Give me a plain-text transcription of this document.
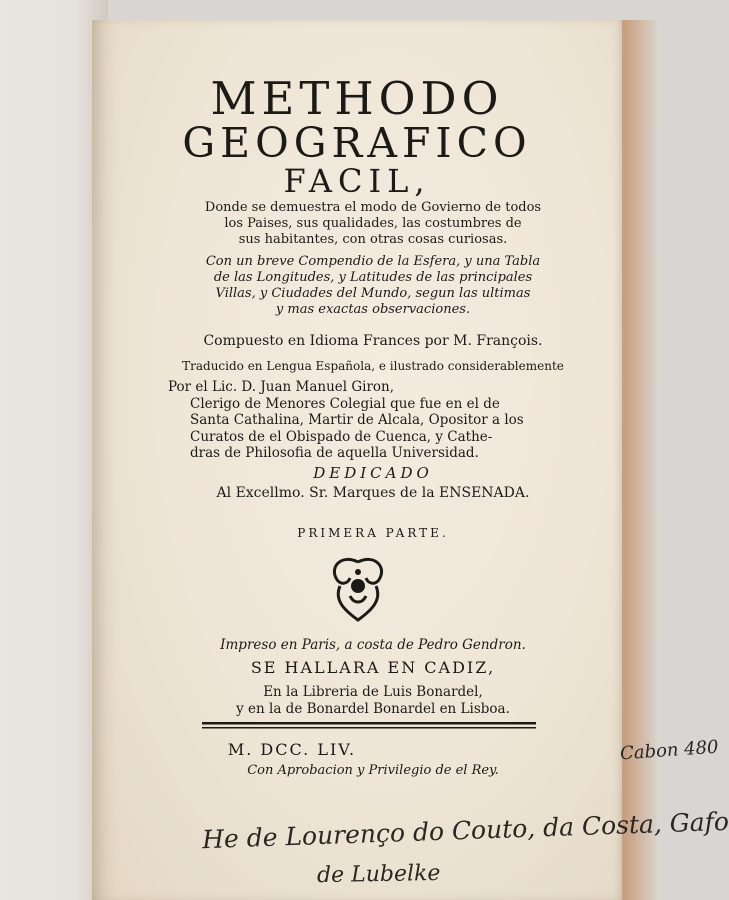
METHODO
GEOGRAFICO
FACIL,
Donde se demuestra el modo de Govierno de todos
los Paises, sus qualidades, las costumbres de
sus habitantes, con otras cosas curiosas.
Con un breve Compendio de la Esfera, y una Tabla
de las Longitudes, y Latitudes de las principales
Villas, y Ciudades del Mundo, segun las ultimas
y mas exactas observaciones.
Compuesto en Idioma Frances por M. François.
Traducido en Lengua Española, e ilustrado considerablemente
Por el Lic. D. Juan Manuel Giron,
Clerigo de Menores Colegial que fue en el de
Santa Cathalina, Martir de Alcala, Opositor a los
Curatos de el Obispado de Cuenca, y Cathe-
dras de Philosofia de aquella Universidad.
DEDICADO
Al Excellmo. Sr. Marques de la ENSENADA.
PRIMERA PARTE.
Impreso en Paris, a costa de Pedro Gendron.
SE HALLARA EN CADIZ,
En la Libreria de Luis Bonardel,
y en la de Bonardel Bonardel en Lisboa.
M. DCC. LIV.
Con Aprobacion y Privilegio de el Rey.
Cabon 480
He de Lourenço do Couto, da Costa, Gafo
de Lubelke
